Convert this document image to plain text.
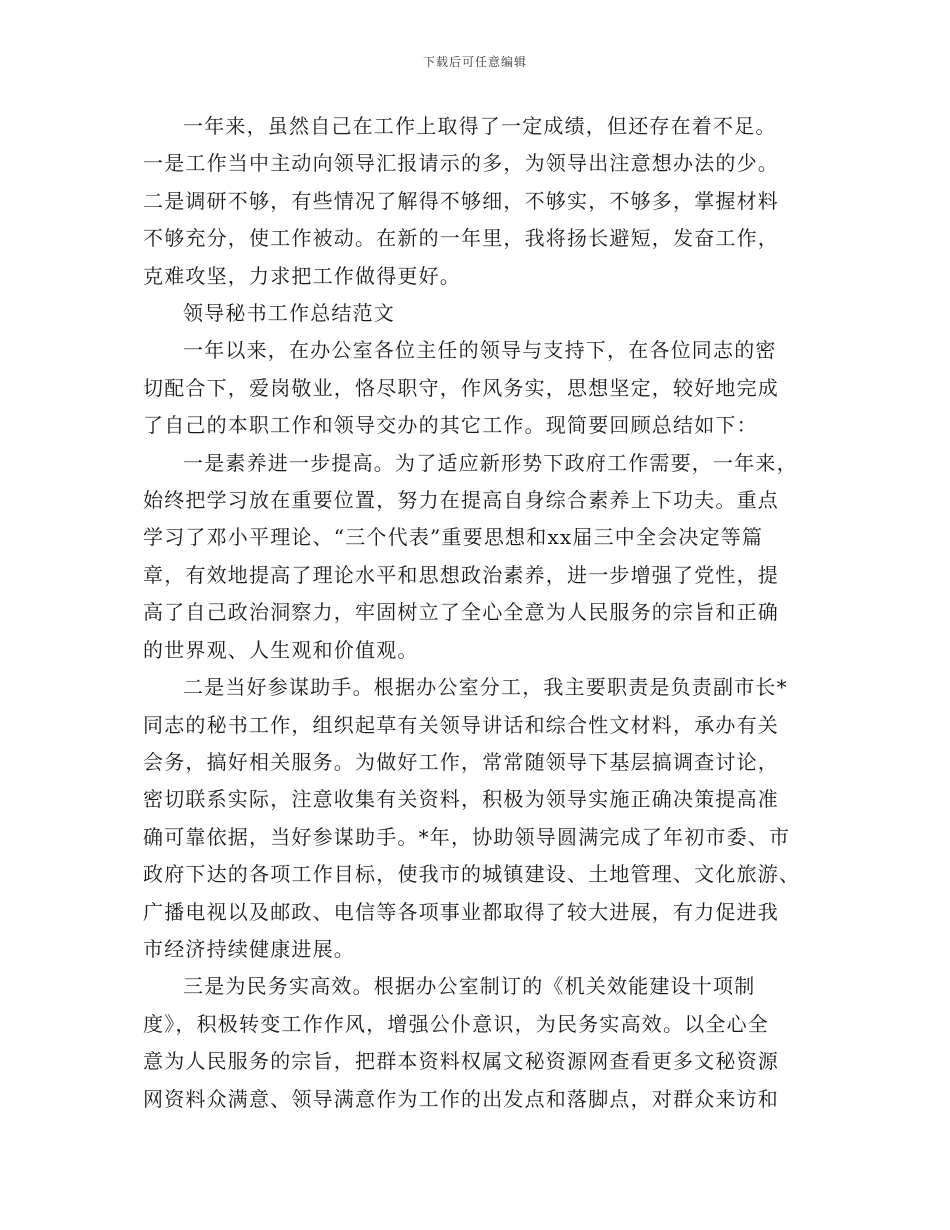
下载后可任意编辑
一年来，虽然自己在工作上取得了一定成绩，但还存在着不足。
一是工作当中主动向领导汇报请示的多，为领导出注意想办法的少。
二是调研不够，有些情况了解得不够细，不够实，不够多，掌握材料
不够充分，使工作被动。在新的一年里，我将扬长避短，发奋工作，
克难攻坚，力求把工作做得更好。
领导秘书工作总结范文
一年以来，在办公室各位主任的领导与支持下，在各位同志的密
切配合下，爱岗敬业，恪尽职守，作风务实，思想坚定，较好地完成
了自己的本职工作和领导交办的其它工作。现简要回顾总结如下：
一是素养进一步提高。为了适应新形势下政府工作需要，一年来，
始终把学习放在重要位置，努力在提高自身综合素养上下功夫。重点
学习了邓小平理论、“三个代表”重要思想和xx届三中全会决定等篇
章，有效地提高了理论水平和思想政治素养，进一步增强了党性，提
高了自己政治洞察力，牢固树立了全心全意为人民服务的宗旨和正确
的世界观、人生观和价值观。
二是当好参谋助手。根据办公室分工，我主要职责是负责副市长*
同志的秘书工作，组织起草有关领导讲话和综合性文材料，承办有关
会务，搞好相关服务。为做好工作，常常随领导下基层搞调查讨论，
密切联系实际，注意收集有关资料，积极为领导实施正确决策提高准
确可靠依据，当好参谋助手。*年，协助领导圆满完成了年初市委、市
政府下达的各项工作目标，使我市的城镇建设、土地管理、文化旅游、
广播电视以及邮政、电信等各项事业都取得了较大进展，有力促进我
市经济持续健康进展。
三是为民务实高效。根据办公室制订的《机关效能建设十项制
度》，积极转变工作作风，增强公仆意识，为民务实高效。以全心全
意为人民服务的宗旨，把群本资料权属文秘资源网查看更多文秘资源
网资料众满意、领导满意作为工作的出发点和落脚点，对群众来访和
